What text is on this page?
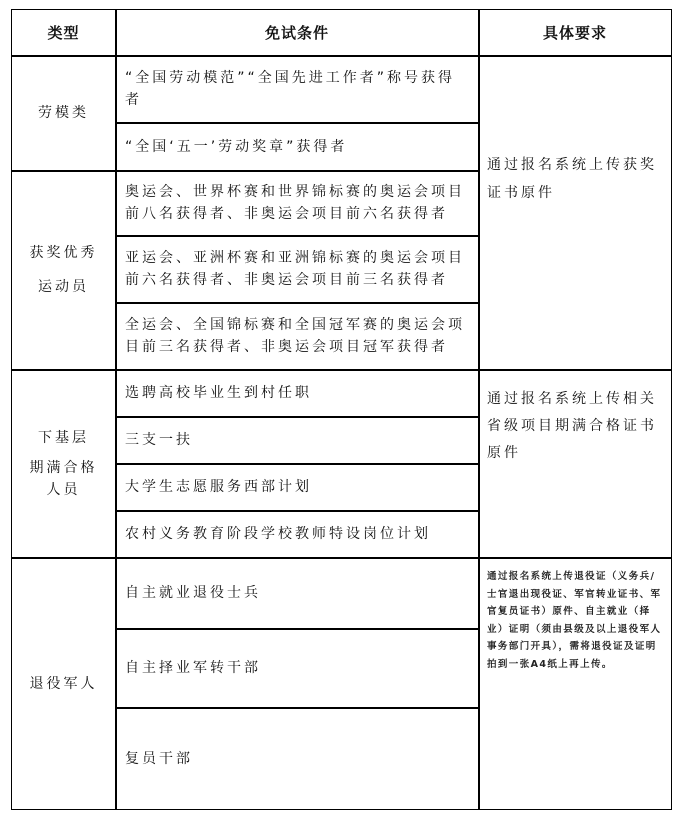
类型	免试条件	具体要求
劳模类
获奖优秀
运动员
下基层
期满合格人员
退役军人
“全国劳动模范”“全国先进工作者”称号获得者
“全国‘五一’劳动奖章”获得者
奥运会、世界杯赛和世界锦标赛的奥运会项目前八名获得者、非奥运会项目前六名获得者
亚运会、亚洲杯赛和亚洲锦标赛的奥运会项目前六名获得者、非奥运会项目前三名获得者
全运会、全国锦标赛和全国冠军赛的奥运会项目前三名获得者、非奥运会项目冠军获得者
选聘高校毕业生到村任职
三支一扶
大学生志愿服务西部计划
农村义务教育阶段学校教师特设岗位计划
自主就业退役士兵
自主择业军转干部
复员干部
通过报名系统上传获奖证书原件
通过报名系统上传相关省级项目期满合格证书原件
通过报名系统上传退役证（义务兵/士官退出现役证、军官转业证书、军官复员证书）原件、自主就业（择业）证明（须由县级及以上退役军人事务部门开具），需将退役证及证明拍到一张A4纸上再上传。
